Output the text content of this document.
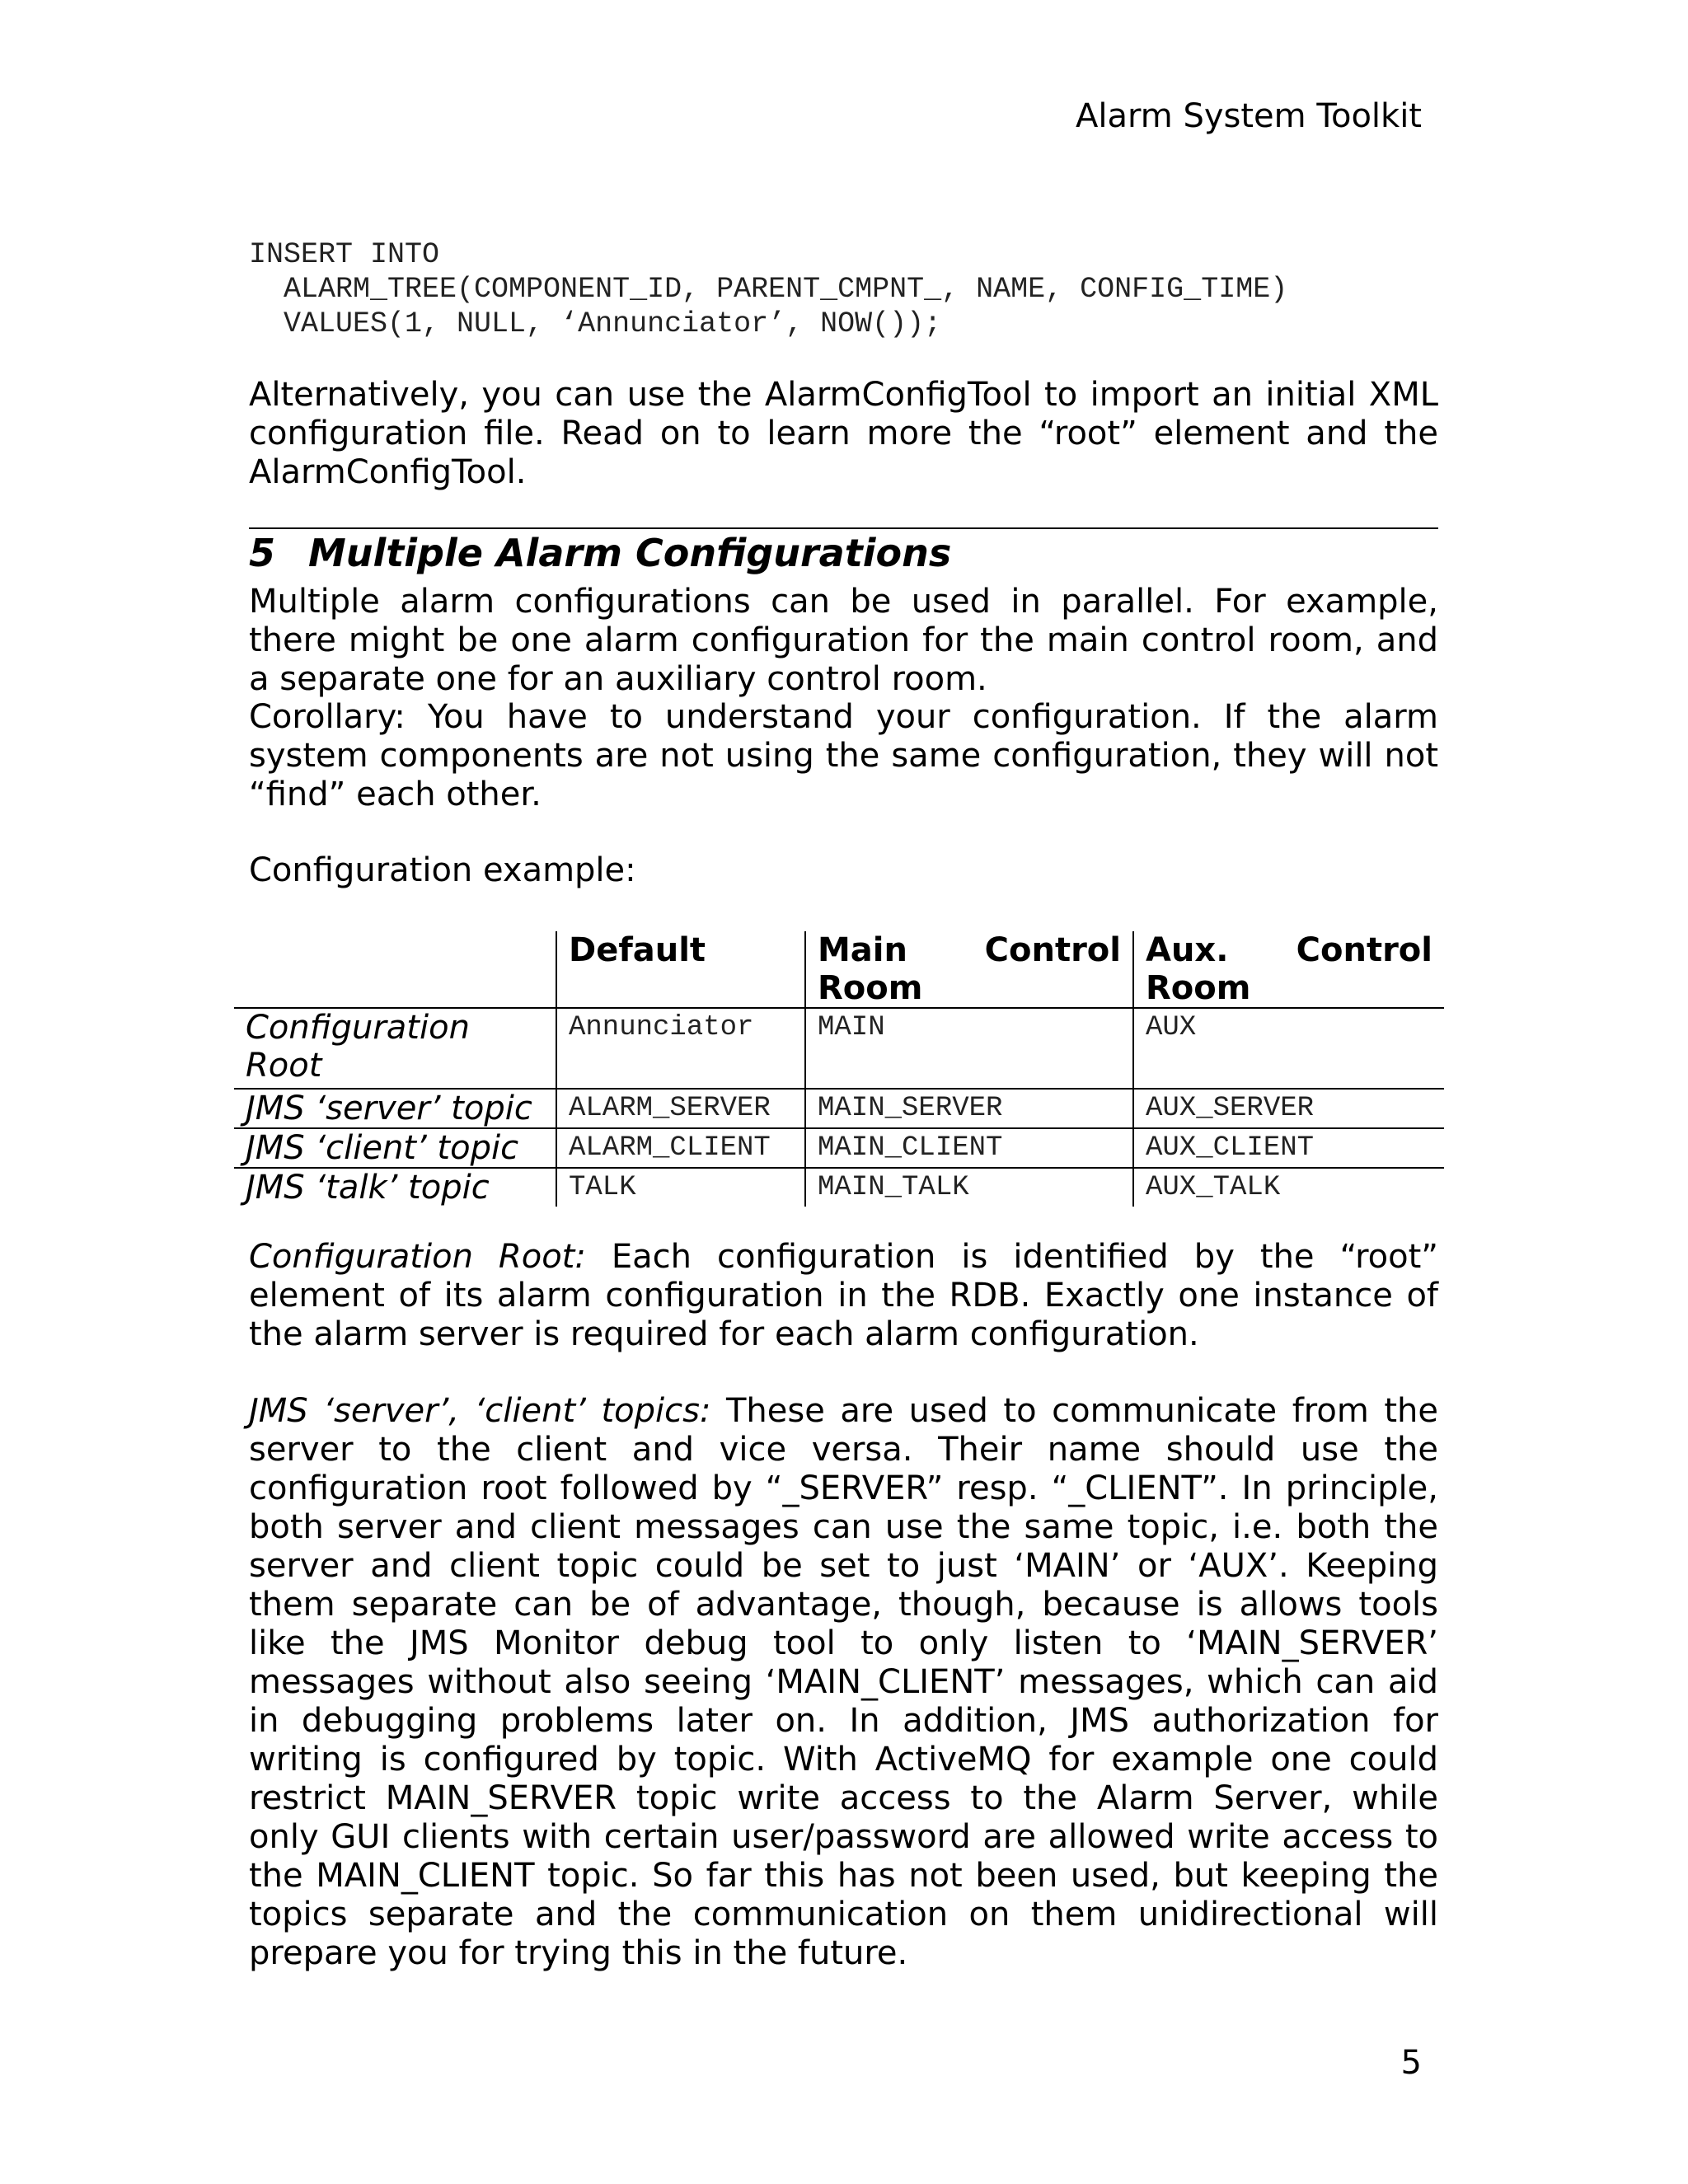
Alarm System Toolkit
INSERT INTO
ALARM_TREE(COMPONENT_ID, PARENT_CMPNT_, NAME, CONFIG_TIME)
VALUES(1, NULL, ‘Annunciator’, NOW());
Alternatively, you can use the AlarmConfigTool to import an initial XML
configuration file. Read on to learn more the “root” element and the
AlarmConfigTool.
5 Multiple Alarm Configurations
Multiple alarm configurations can be used in parallel. For example,
there might be one alarm configuration for the main control room, and
a separate one for an auxiliary control room.
Corollary: You have to understand your configuration. If the alarm
system components are not using the same configuration, they will not
“find” each other.
Configuration example:
	Default	Main Control Room	Aux. Control Room
Configuration Root	Annunciator	MAIN	AUX
JMS ‘server’ topic	ALARM_SERVER	MAIN_SERVER	AUX_SERVER
JMS ‘client’ topic	ALARM_CLIENT	MAIN_CLIENT	AUX_CLIENT
JMS ‘talk’ topic	TALK	MAIN_TALK	AUX_TALK
Configuration Root: Each configuration is identified by the “root”
element of its alarm configuration in the RDB. Exactly one instance of
the alarm server is required for each alarm configuration.
JMS ‘server’, ‘client’ topics: These are used to communicate from the
server to the client and vice versa. Their name should use the
configuration root followed by “_SERVER” resp. “_CLIENT”. In principle,
both server and client messages can use the same topic, i.e. both the
server and client topic could be set to just ‘MAIN’ or ‘AUX’. Keeping
them separate can be of advantage, though, because is allows tools
like the JMS Monitor debug tool to only listen to ‘MAIN_SERVER’
messages without also seeing ‘MAIN_CLIENT’ messages, which can aid
in debugging problems later on. In addition, JMS authorization for
writing is configured by topic. With ActiveMQ for example one could
restrict MAIN_SERVER topic write access to the Alarm Server, while
only GUI clients with certain user/password are allowed write access to
the MAIN_CLIENT topic. So far this has not been used, but keeping the
topics separate and the communication on them unidirectional will
prepare you for trying this in the future.
5
